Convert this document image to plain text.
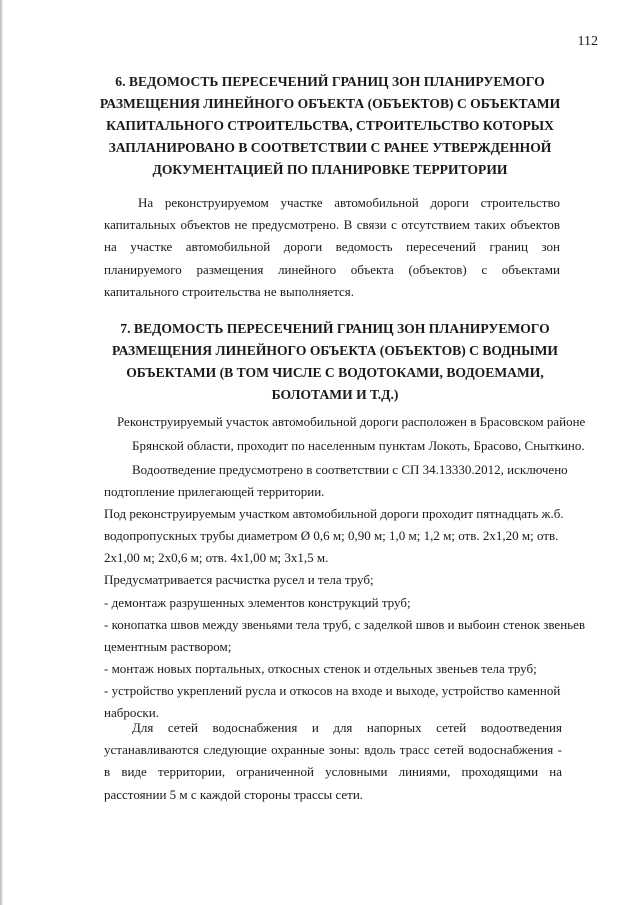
112
6. ВЕДОМОСТЬ ПЕРЕСЕЧЕНИЙ ГРАНИЦ ЗОН ПЛАНИРУЕМОГО РАЗМЕЩЕНИЯ ЛИНЕЙНОГО ОБЪЕКТА (ОБЪЕКТОВ) С ОБЪЕКТАМИ КАПИТАЛЬНОГО СТРОИТЕЛЬСТВА, СТРОИТЕЛЬСТВО КОТОРЫХ ЗАПЛАНИРОВАНО В СООТВЕТСТВИИ С РАНЕЕ УТВЕРЖДЕННОЙ ДОКУМЕНТАЦИЕЙ ПО ПЛАНИРОВКЕ ТЕРРИТОРИИ

На реконструируемом участке автомобильной дороги строительство капитальных объектов не предусмотрено. В связи с отсутствием таких объектов на участке автомобильной дороги ведомость пересечений границ зон планируемого размещения линейного объекта (объектов) с объектами капитального строительства не выполняется.

7. ВЕДОМОСТЬ ПЕРЕСЕЧЕНИЙ ГРАНИЦ ЗОН ПЛАНИРУЕМОГО РАЗМЕЩЕНИЯ ЛИНЕЙНОГО ОБЪЕКТА (ОБЪЕКТОВ) С ВОДНЫМИ ОБЪЕКТАМИ (В ТОМ ЧИСЛЕ С ВОДОТОКАМИ, ВОДОЕМАМИ, БОЛОТАМИ И Т.Д.)

Реконструируемый участок автомобильной дороги расположен в Брасовском районе

Брянской области, проходит по населенным пунктам Локоть, Брасово, Сныткино.

Водоотведение предусмотрено в соответствии с СП 34.13330.2012, исключено

подтопление прилегающей территории.

Под реконструируемым участком автомобильной дороги проходит пятнадцать ж.б.

водопропускных трубы диаметром Ø 0,6 м; 0,90 м; 1,0 м; 1,2 м; отв. 2х1,20 м; отв.

2х1,00 м; 2х0,6 м; отв. 4х1,00 м; 3х1,5 м.

Предусматривается расчистка русел и тела труб;

- демонтаж разрушенных элементов конструкций труб;

- конопатка швов между звеньями тела труб, с заделкой швов и выбоин стенок звеньев

цементным раствором;

- монтаж новых портальных, откосных стенок и отдельных звеньев тела труб;

- устройство укреплений русла и откосов на входе и выходе, устройство каменной

наброски.

Для сетей водоснабжения и для напорных сетей водоотведения устанавливаются следующие охранные зоны: вдоль трасс сетей водоснабжения - в виде территории, ограниченной условными линиями, проходящими на расстоянии 5 м с каждой стороны трассы сети.
